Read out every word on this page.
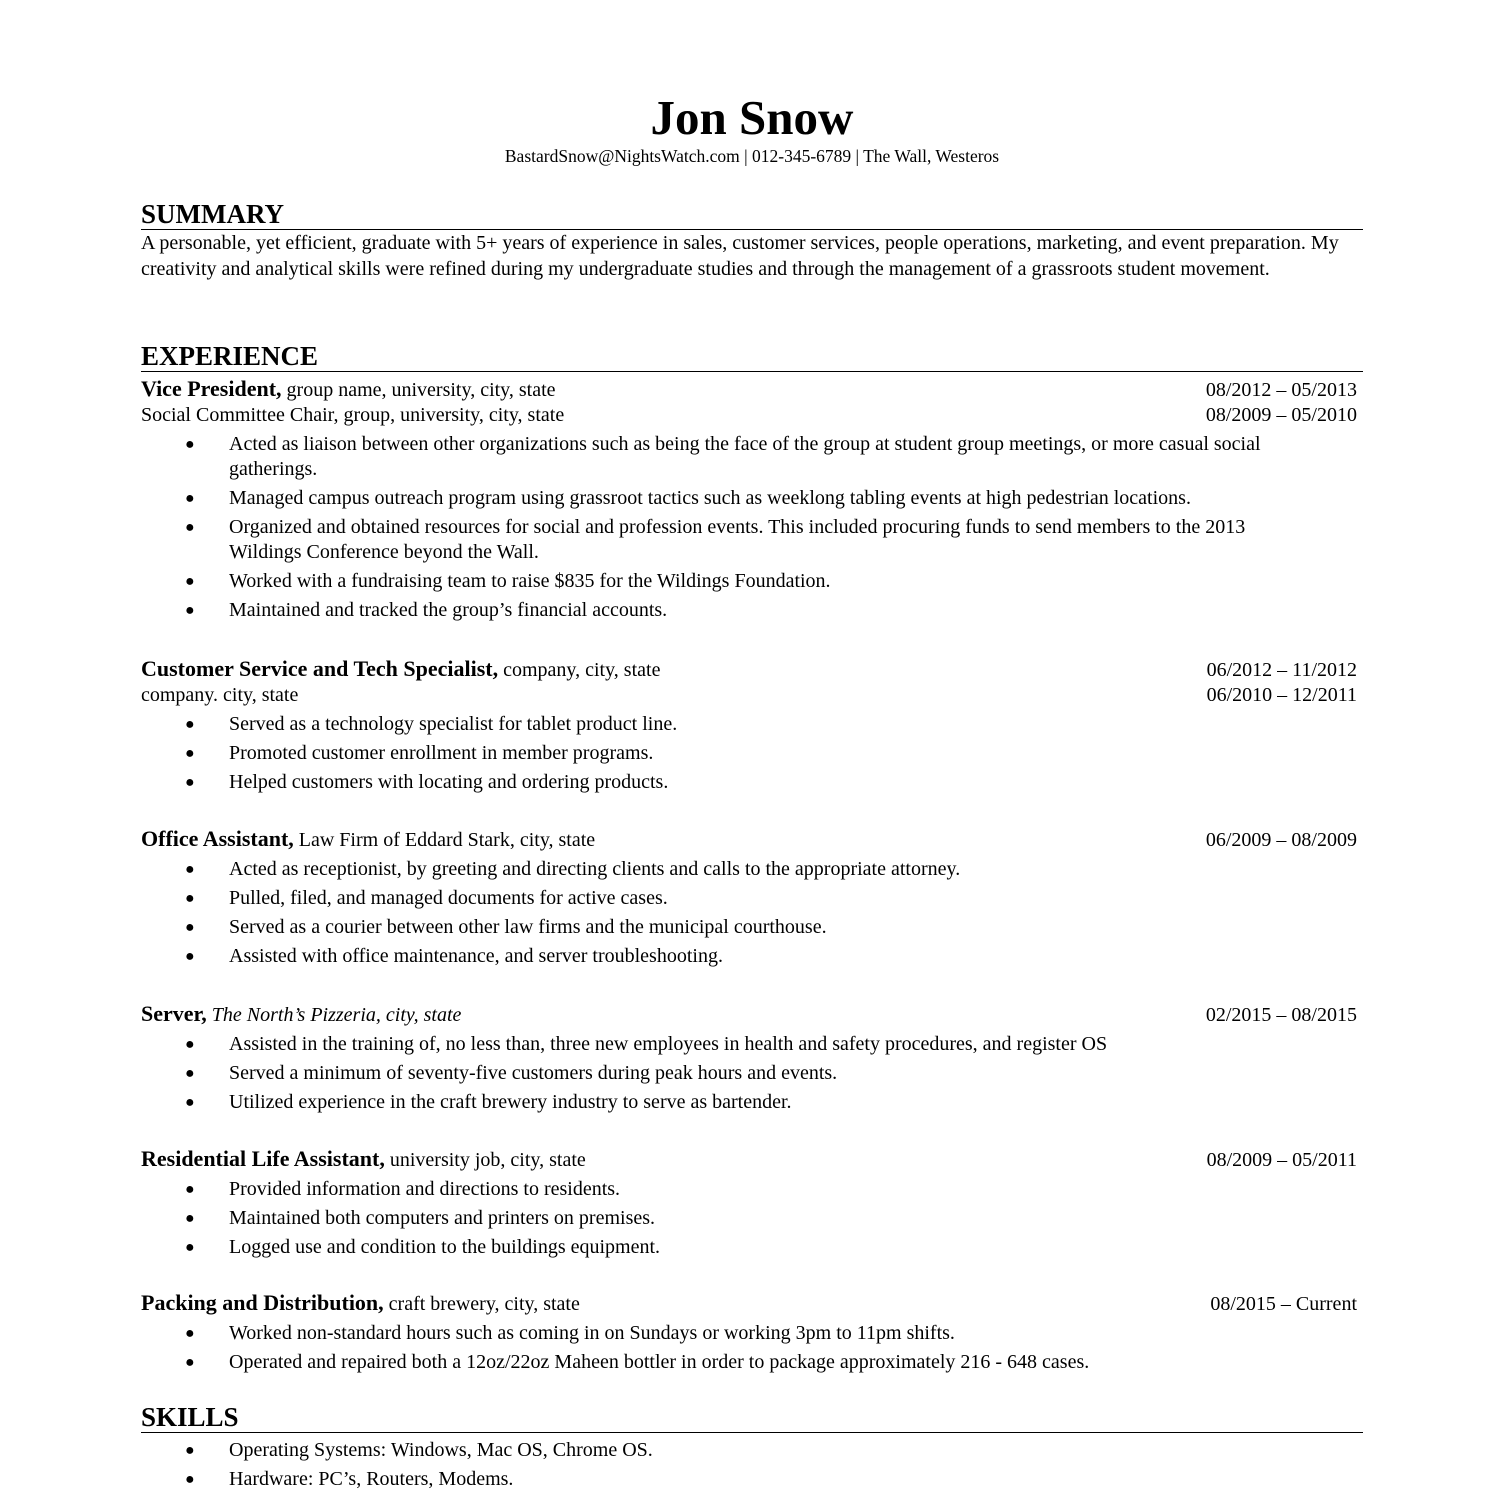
Jon Snow
BastardSnow@NightsWatch.com | 012-345-6789 | The Wall, Westeros
SUMMARY
A personable, yet efficient, graduate with 5+ years of experience in sales, customer services, people operations, marketing, and event preparation. My creativity and analytical skills were refined during my undergraduate studies and through the management of a grassroots student movement.
EXPERIENCE
Vice President, group name, university, city, state	08/2012 – 05/2013
Social Committee Chair, group, university, city, state	08/2009 – 05/2010
● Acted as liaison between other organizations such as being the face of the group at student group meetings, or more casual social gatherings.
● Managed campus outreach program using grassroot tactics such as weeklong tabling events at high pedestrian locations.
● Organized and obtained resources for social and profession events. This included procuring funds to send members to the 2013 Wildings Conference beyond the Wall.
● Worked with a fundraising team to raise $835 for the Wildings Foundation.
● Maintained and tracked the group’s financial accounts.
Customer Service and Tech Specialist, company, city, state	06/2012 – 11/2012
company. city, state	06/2010 – 12/2011
● Served as a technology specialist for tablet product line.
● Promoted customer enrollment in member programs.
● Helped customers with locating and ordering products.
Office Assistant, Law Firm of Eddard Stark, city, state	06/2009 – 08/2009
● Acted as receptionist, by greeting and directing clients and calls to the appropriate attorney.
● Pulled, filed, and managed documents for active cases.
● Served as a courier between other law firms and the municipal courthouse.
● Assisted with office maintenance, and server troubleshooting.
Server, The North’s Pizzeria, city, state	02/2015 – 08/2015
● Assisted in the training of, no less than, three new employees in health and safety procedures, and register OS
● Served a minimum of seventy-five customers during peak hours and events.
● Utilized experience in the craft brewery industry to serve as bartender.
Residential Life Assistant, university job, city, state	08/2009 – 05/2011
● Provided information and directions to residents.
● Maintained both computers and printers on premises.
● Logged use and condition to the buildings equipment.
Packing and Distribution, craft brewery, city, state	08/2015 – Current
● Worked non-standard hours such as coming in on Sundays or working 3pm to 11pm shifts.
● Operated and repaired both a 12oz/22oz Maheen bottler in order to package approximately 216 - 648 cases.
SKILLS
● Operating Systems: Windows, Mac OS, Chrome OS.
● Hardware: PC’s, Routers, Modems.
